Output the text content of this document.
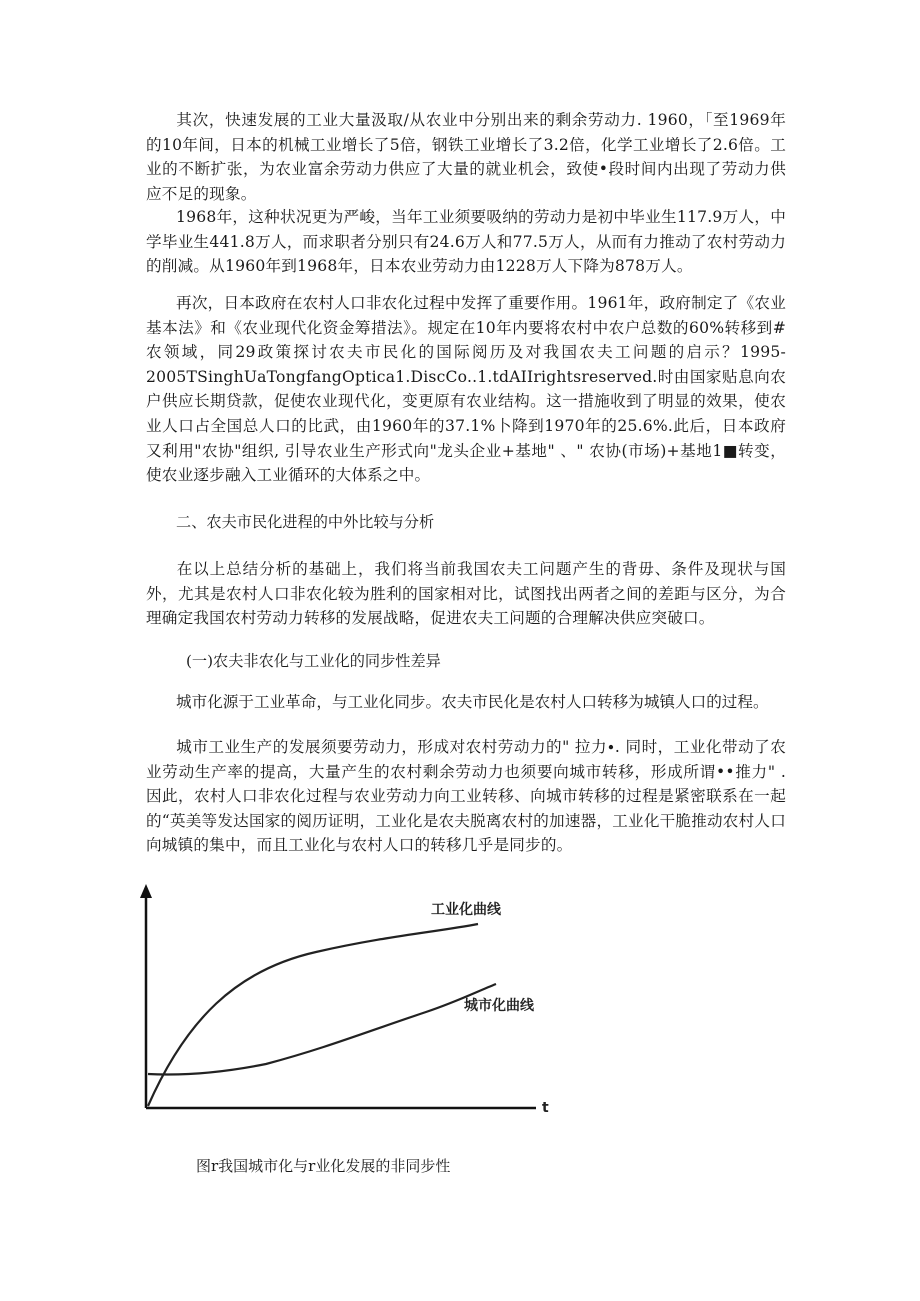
其次，快速发展的工业大量汲取/从农业中分别出来的剩余劳动力. 1960，「至1969年的10年间，日本的机械工业增长了5倍，钢铁工业增长了3.2倍，化学工业增长了2.6倍。工业的不断扩张，为农业富余劳动力供应了大量的就业机会，致使•段时间内出现了劳动力供应不足的现象。

1968年，这种状况更为严峻，当年工业须要吸纳的劳动力是初中毕业生117.9万人，中学毕业生441.8万人，而求职者分别只有24.6万人和77.5万人，从而有力推动了农村劳动力的削减。从1960年到1968年，日本农业劳动力由1228万人下降为878万人。

再次，日本政府在农村人口非农化过程中发挥了重要作用。1961年，政府制定了《农业基本法》和《农业现代化资金筹措法》。规定在10年内要将农村中农户总数的60%转移到#农领域，同29政策探讨农夫市民化的国际阅历及对我国农夫工问题的启示？1995-2005TSinghUaTongfangOptica1.DiscCo..1.tdAIIrightsreserved.时由国家贴息向农户供应长期贷款，促使农业现代化，变更原有农业结构。这一措施收到了明显的效果，使农业人口占全国总人口的比武，由1960年的37.1%卜降到1970年的25.6%.此后，日本政府又利用"农协"组织, 引导农业生产形式向"龙头企业+基地" 、" 农协(市场)+基地1■转变，使农业逐步融入工业循环的大体系之中。

二、农夫市民化进程的中外比较与分析

在以上总结分析的基础上，我们将当前我国农夫工问题产生的背毋、条件及现状与国外，尤其是农村人口非农化较为胜利的国家相对比，试图找出两者之间的差距与区分，为合理确定我国农村劳动力转移的发展战略，促进农夫工问题的合理解决供应突破口。

(一)农夫非农化与工业化的同步性差异

城市化源于工业革命，与工业化同步。农夫市民化是农村人口转移为城镇人口的过程。

城市工业生产的发展须要劳动力，形成对农村劳动力的" 拉力∙. 同时，工业化带动了农业劳动生产率的提高，大量产生的农村剩余劳动力也须要向城市转移，形成所谓••推力" . 因此，农村人口非农化过程与农业劳动力向工业转移、向城市转移的过程是紧密联系在一起的“英美等发达国家的阅历证明，工业化是农夫脱离农村的加速器，工业化干脆推动农村人口向城镇的集中，而且工业化与农村人口的转移几乎是同步的。

t
工业化曲线
城市化曲线

图r我国城市化与r业化发展的非同步性
